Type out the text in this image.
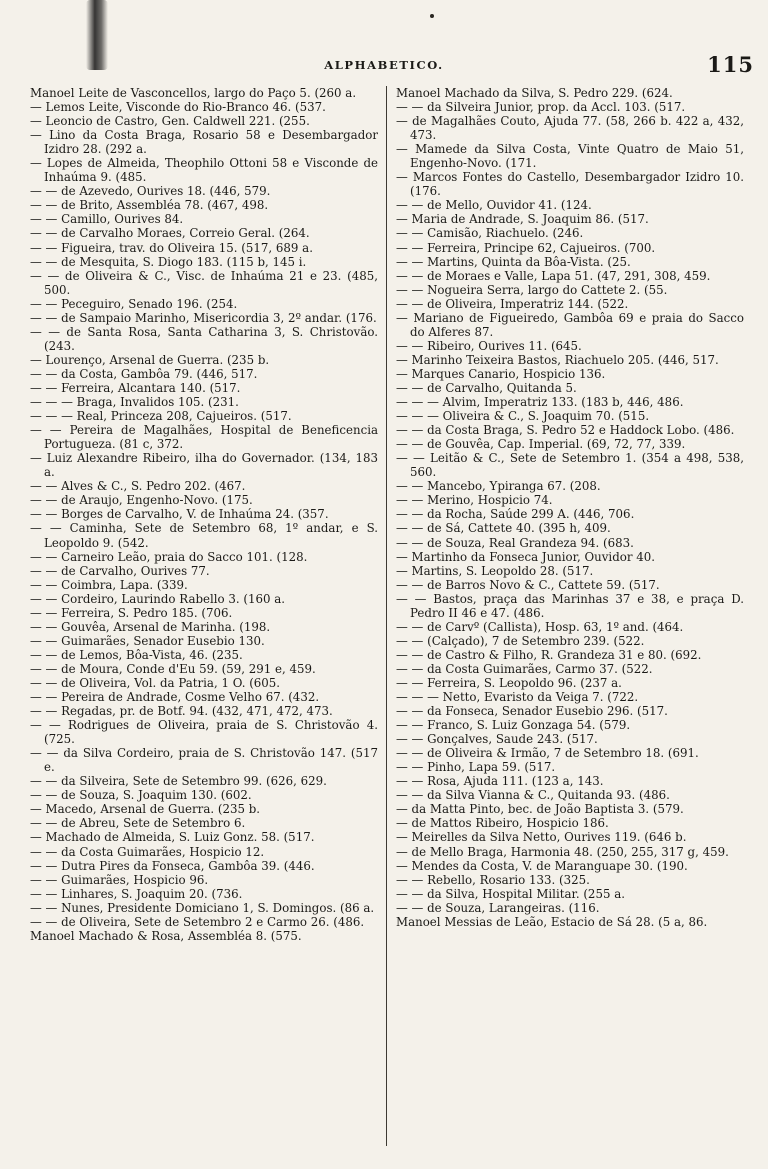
ALPHABETICO.	115
Manoel Leite de Vasconcellos, largo do Paço 5. (260 a.
— Lemos Leite, Visconde do Rio-Branco 46. (537.
— Leoncio de Castro, Gen. Caldwell 221. (255.
— Lino da Costa Braga, Rosario 58 e Desembargador Izidro 28. (292 a.
— Lopes de Almeida, Theophilo Ottoni 58 e Visconde de Inhaúma 9. (485.
— — de Azevedo, Ourives 18. (446, 579.
— — de Brito, Assembléa 78. (467, 498.
— — Camillo, Ourives 84.
— — de Carvalho Moraes, Correio Geral. (264.
— — Figueira, trav. do Oliveira 15. (517, 689 a.
— — de Mesquita, S. Diogo 183. (115 b, 145 i.
— — de Oliveira & C., Visc. de Inhaúma 21 e 23. (485, 500.
— — Peceguiro, Senado 196. (254.
— — de Sampaio Marinho, Misericordia 3, 2º andar. (176.
— — de Santa Rosa, Santa Catharina 3, S. Christovão. (243.
— Lourenço, Arsenal de Guerra. (235 b.
— — da Costa, Gambôa 79. (446, 517.
— — Ferreira, Alcantara 140. (517.
— — — Braga, Invalidos 105. (231.
— — — Real, Princeza 208, Cajueiros. (517.
— — Pereira de Magalhães, Hospital de Beneficencia Portugueza. (81 c, 372.
— Luiz Alexandre Ribeiro, ilha do Governador. (134, 183 a.
— — Alves & C., S. Pedro 202. (467.
— — de Araujo, Engenho-Novo. (175.
— — Borges de Carvalho, V. de Inhaúma 24. (357.
— — Caminha, Sete de Setembro 68, 1º andar, e S. Leopoldo 9. (542.
— — Carneiro Leão, praia do Sacco 101. (128.
— — de Carvalho, Ourives 77.
— — Coimbra, Lapa. (339.
— — Cordeiro, Laurindo Rabello 3. (160 a.
— — Ferreira, S. Pedro 185. (706.
— — Gouvêa, Arsenal de Marinha. (198.
— — Guimarães, Senador Eusebio 130.
— — de Lemos, Bôa-Vista, 46. (235.
— — de Moura, Conde d'Eu 59. (59, 291 e, 459.
— — de Oliveira, Vol. da Patria, 1 O. (605.
— — Pereira de Andrade, Cosme Velho 67. (432.
— — Regadas, pr. de Botf. 94. (432, 471, 472, 473.
— — Rodrigues de Oliveira, praia de S. Christovão 4. (725.
— — da Silva Cordeiro, praia de S. Christovão 147. (517 e.
— — da Silveira, Sete de Setembro 99. (626, 629.
— — de Souza, S. Joaquim 130. (602.
— Macedo, Arsenal de Guerra. (235 b.
— — de Abreu, Sete de Setembro 6.
— Machado de Almeida, S. Luiz Gonz. 58. (517.
— — da Costa Guimarães, Hospicio 12.
— — Dutra Pires da Fonseca, Gambôa 39. (446.
— — Guimarães, Hospicio 96.
— — Linhares, S. Joaquim 20. (736.
— — Nunes, Presidente Domiciano 1, S. Domingos. (86 a.
— — de Oliveira, Sete de Setembro 2 e Carmo 26. (486.
Manoel Machado & Rosa, Assembléa 8. (575.
Manoel Machado da Silva, S. Pedro 229. (624.
— — da Silveira Junior, prop. da Accl. 103. (517.
— de Magalhães Couto, Ajuda 77. (58, 266 b. 422 a, 432, 473.
— Mamede da Silva Costa, Vinte Quatro de Maio 51, Engenho-Novo. (171.
— Marcos Fontes do Castello, Desembargador Izidro 10. (176.
— — de Mello, Ouvidor 41. (124.
— Maria de Andrade, S. Joaquim 86. (517.
— — Camisão, Riachuelo. (246.
— — Ferreira, Principe 62, Cajueiros. (700.
— — Martins, Quinta da Bôa-Vista. (25.
— — de Moraes e Valle, Lapa 51. (47, 291, 308, 459.
— — Nogueira Serra, largo do Cattete 2. (55.
— — de Oliveira, Imperatriz 144. (522.
— Mariano de Figueiredo, Gambôa 69 e praia do Sacco do Alferes 87.
— — Ribeiro, Ourives 11. (645.
— Marinho Teixeira Bastos, Riachuelo 205. (446, 517.
— Marques Canario, Hospicio 136.
— — de Carvalho, Quitanda 5.
— — — Alvim, Imperatriz 133. (183 b, 446, 486.
— — — Oliveira & C., S. Joaquim 70. (515.
— — da Costa Braga, S. Pedro 52 e Haddock Lobo. (486.
— — de Gouvêa, Cap. Imperial. (69, 72, 77, 339.
— — Leitão & C., Sete de Setembro 1. (354 a 498, 538, 560.
— — Mancebo, Ypiranga 67. (208.
— — Merino, Hospicio 74.
— — da Rocha, Saúde 299 A. (446, 706.
— — de Sá, Cattete 40. (395 h, 409.
— — de Souza, Real Grandeza 94. (683.
— Martinho da Fonseca Junior, Ouvidor 40.
— Martins, S. Leopoldo 28. (517.
— — de Barros Novo & C., Cattete 59. (517.
— — Bastos, praça das Marinhas 37 e 38, e praça D. Pedro II 46 e 47. (486.
— — de Carvº (Callista), Hosp. 63, 1º and. (464.
— — (Calçado), 7 de Setembro 239. (522.
— — de Castro & Filho, R. Grandeza 31 e 80. (692.
— — da Costa Guimarães, Carmo 37. (522.
— — Ferreira, S. Leopoldo 96. (237 a.
— — — Netto, Evaristo da Veiga 7. (722.
— — da Fonseca, Senador Eusebio 296. (517.
— — Franco, S. Luiz Gonzaga 54. (579.
— — Gonçalves, Saude 243. (517.
— — de Oliveira & Irmão, 7 de Setembro 18. (691.
— — Pinho, Lapa 59. (517.
— — Rosa, Ajuda 111. (123 a, 143.
— — da Silva Vianna & C., Quitanda 93. (486.
— da Matta Pinto, bec. de João Baptista 3. (579.
— de Mattos Ribeiro, Hospicio 186.
— Meirelles da Silva Netto, Ourives 119. (646 b.
— de Mello Braga, Harmonia 48. (250, 255, 317 g, 459.
— Mendes da Costa, V. de Maranguape 30. (190.
— — Rebello, Rosario 133. (325.
— — da Silva, Hospital Militar. (255 a.
— — de Souza, Larangeiras. (116.
Manoel Messias de Leão, Estacio de Sá 28. (5 a, 86.
